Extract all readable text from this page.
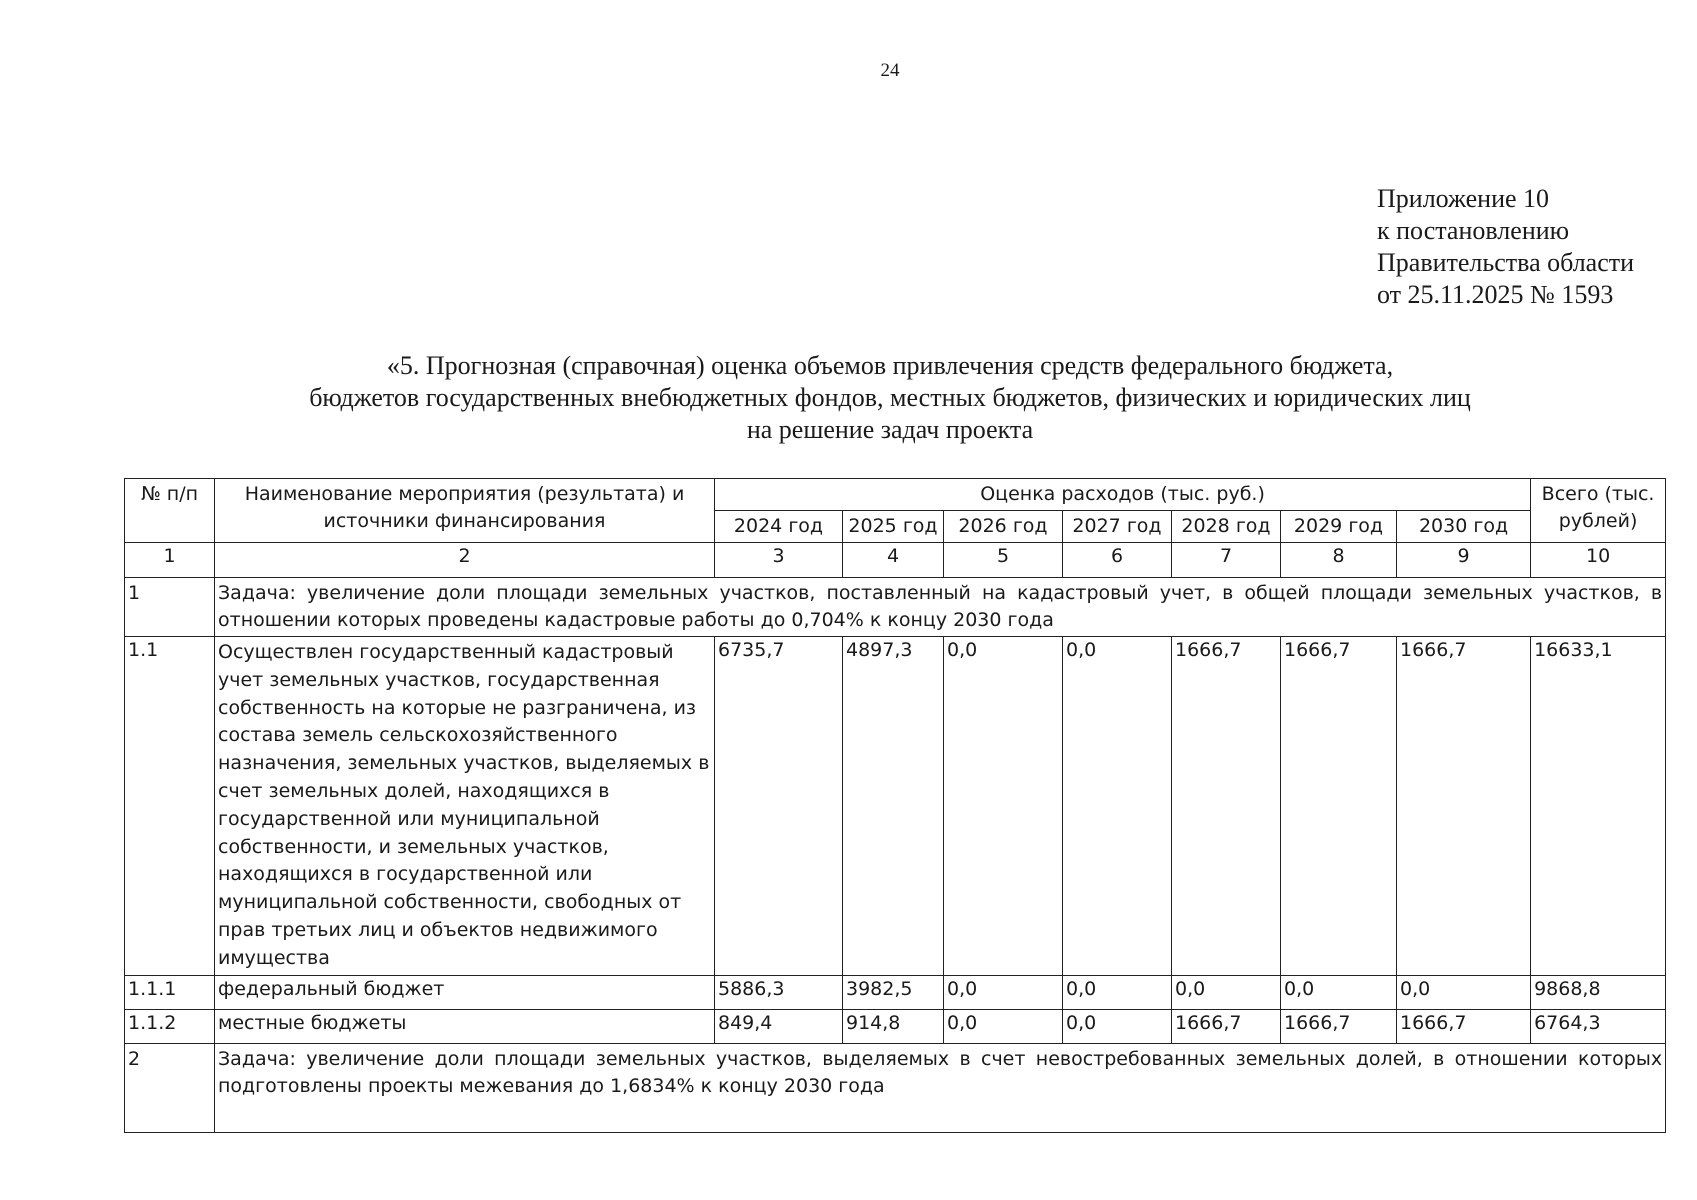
24
Приложение 10
к постановлению
Правительства области
от 25.11.2025 № 1593
«5. Прогнозная (справочная) оценка объемов привлечения средств федерального бюджета,
бюджетов государственных внебюджетных фондов, местных бюджетов, физических и юридических лиц
на решение задач проекта
№ п/п	Наименование мероприятия (результата) и источники финансирования	Оценка расходов (тыс. руб.)							Всего (тыс. рублей)
		2024 год	2025 год	2026 год	2027 год	2028 год	2029 год	2030 год	
1	2	3	4	5	6	7	8	9	10
1	Задача: увеличение доли площади земельных участков, поставленный на кадастровый учет, в общей площади земельных участков, в отношении которых проведены кадастровые работы до 0,704% к концу 2030 года								
1.1	Осуществлен государственный кадастровый учет земельных участков, государственная собственность на которые не разграничена, из состава земель сельскохозяйственного назначения, земельных участков, выделяемых в счет земельных долей, находящихся в государственной или муниципальной собственности, и земельных участков, находящихся в государственной или муниципальной собственности, свободных от прав третьих лиц и объектов недвижимого имущества	6735,7	4897,3	0,0	0,0	1666,7	1666,7	1666,7	16633,1
1.1.1	федеральный бюджет	5886,3	3982,5	0,0	0,0	0,0	0,0	0,0	9868,8
1.1.2	местные бюджеты	849,4	914,8	0,0	0,0	1666,7	1666,7	1666,7	6764,3
2	Задача: увеличение доли площади земельных участков, выделяемых в счет невостребованных земельных долей, в отношении которых подготовлены проекты межевания до 1,6834% к концу 2030 года								
